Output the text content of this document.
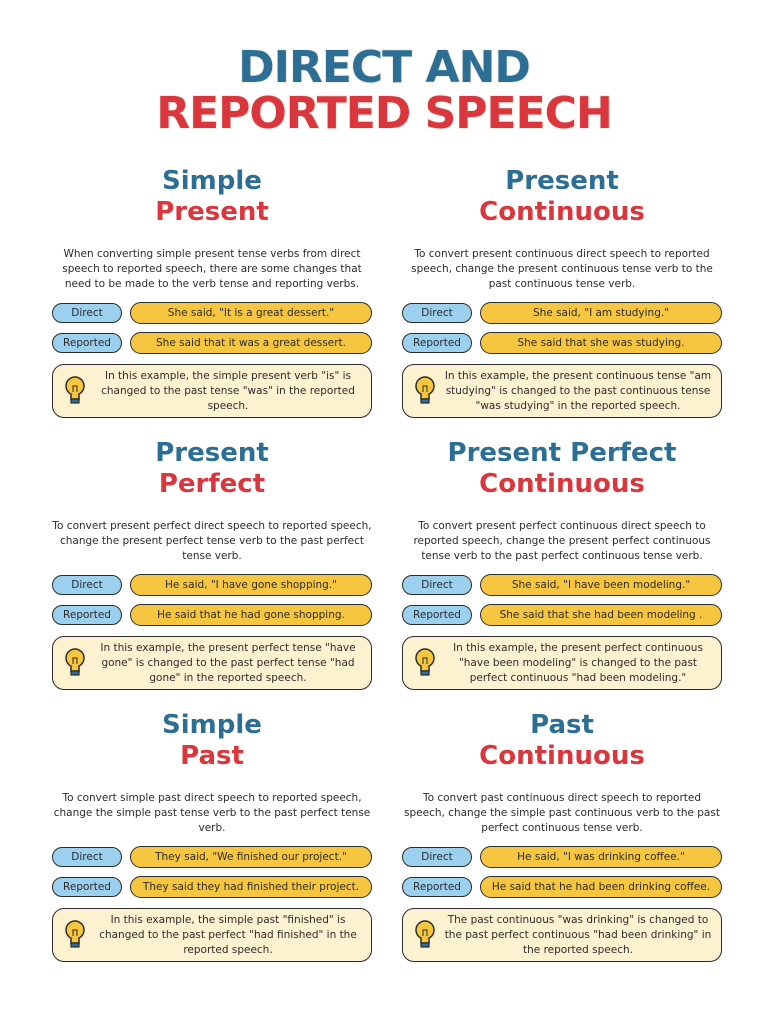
DIRECT AND
REPORTED SPEECH
Simple
Present
When converting simple present tense verbs from direct speech to reported speech, there are some changes that need to be made to the verb tense and reporting verbs.
Direct	She said, "It is a great dessert."
Reported	She said that it was a great dessert.
In this example, the simple present verb "is" is changed to the past tense "was" in the reported speech.
Present
Continuous
To convert present continuous direct speech to reported speech, change the present continuous tense verb to the past continuous tense verb.
Direct	She said, "I am studying."
Reported	She said that she was studying.
In this example, the present continuous tense "am studying" is changed to the past continuous tense "was studying" in the reported speech.
Present
Perfect
To convert present perfect direct speech to reported speech, change the present perfect tense verb to the past perfect tense verb.
Direct	He said, "I have gone shopping."
Reported	He said that he had gone shopping.
In this example, the present perfect tense "have gone" is changed to the past perfect tense "had gone" in the reported speech.
Present Perfect
Continuous
To convert present perfect continuous direct speech to reported speech, change the present perfect continuous tense verb to the past perfect continuous tense verb.
Direct	She said, "I have been modeling."
Reported	She said that she had been modeling .
In this example, the present perfect continuous "have been modeling" is changed to the past perfect continuous "had been modeling."
Simple
Past
To convert simple past direct speech to reported speech, change the simple past tense verb to the past perfect tense verb.
Direct	They said, "We finished our project."
Reported	They said they had finished their project.
In this example, the simple past "finished" is changed to the past perfect "had finished" in the reported speech.
Past
Continuous
To convert past continuous direct speech to reported speech, change the simple past continuous verb to the past perfect continuous tense verb.
Direct	He said, "I was drinking coffee."
Reported	He said that he had been drinking coffee.
The past continuous "was drinking" is changed to the past perfect continuous "had been drinking" in the reported speech.
